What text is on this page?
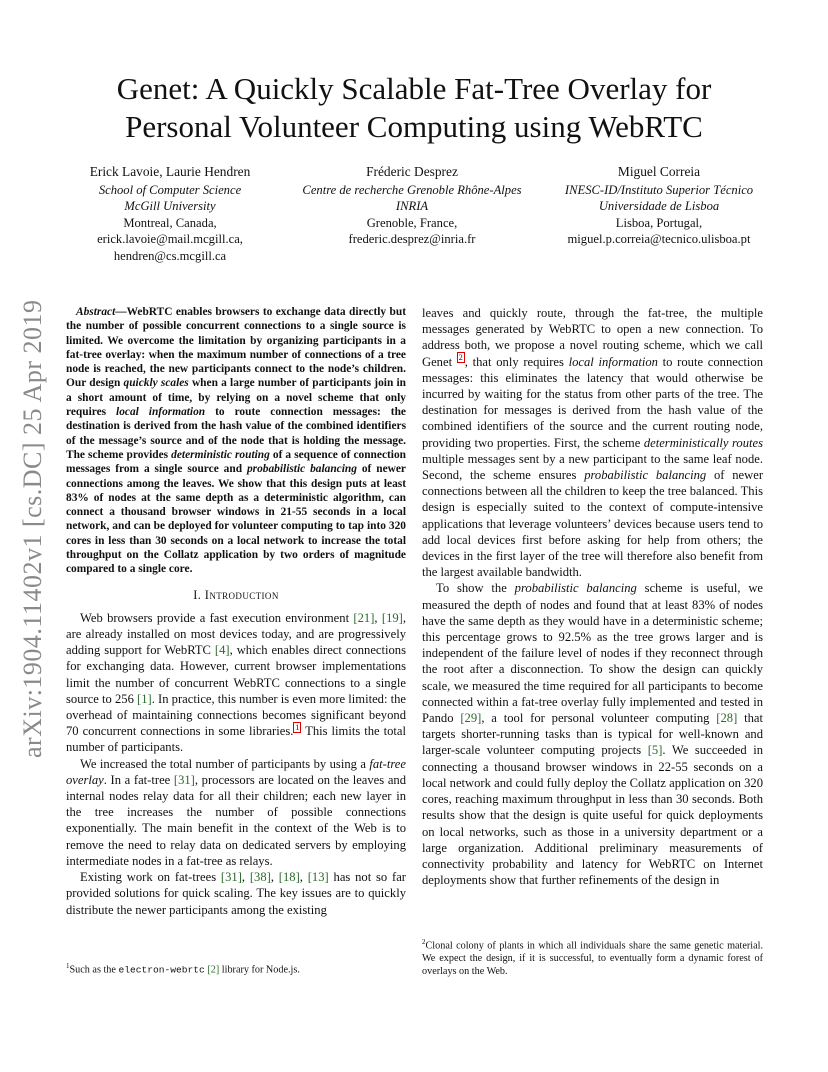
arXiv:1904.11402v1 [cs.DC] 25 Apr 2019
Genet: A Quickly Scalable Fat-Tree Overlay for
Personal Volunteer Computing using WebRTC
Erick Lavoie, Laurie Hendren
School of Computer Science
McGill University
Montreal, Canada,
erick.lavoie@mail.mcgill.ca,
hendren@cs.mcgill.ca
Fréderic Desprez
Centre de recherche Grenoble Rhône-Alpes
INRIA
Grenoble, France,
frederic.desprez@inria.fr
Miguel Correia
INESC-ID/Instituto Superior Técnico
Universidade de Lisboa
Lisboa, Portugal,
miguel.p.correia@tecnico.ulisboa.pt

Abstract—WebRTC enables browsers to exchange data directly but the number of possible concurrent connections to a single source is limited. We overcome the limitation by organizing participants in a fat-tree overlay: when the maximum number of connections of a tree node is reached, the new participants connect to the node’s children. Our design quickly scales when a large number of participants join in a short amount of time, by relying on a novel scheme that only requires local information to route connection messages: the destination is derived from the hash value of the combined identifiers of the message’s source and of the node that is holding the message. The scheme provides deterministic routing of a sequence of connection messages from a single source and probabilistic balancing of newer connections among the leaves. We show that this design puts at least 83% of nodes at the same depth as a deterministic algorithm, can connect a thousand browser windows in 21-55 seconds in a local network, and can be deployed for volunteer computing to tap into 320 cores in less than 30 seconds on a local network to increase the total throughput on the Collatz application by two orders of magnitude compared to a single core.

I. Introduction

Web browsers provide a fast execution environment [21], [19], are already installed on most devices today, and are progressively adding support for WebRTC [4], which enables direct connections for exchanging data. However, current browser implementations limit the number of concurrent WebRTC connections to a single source to 256 [1]. In practice, this number is even more limited: the overhead of maintaining connections becomes significant beyond 70 concurrent connections in some libraries. $^1$ This limits the total number of participants.

We increased the total number of participants by using a fat-tree overlay. In a fat-tree [31], processors are located on the leaves and internal nodes relay data for all their children; each new layer in the tree increases the number of possible connections exponentially. The main benefit in the context of the Web is to remove the need to relay data on dedicated servers by employing intermediate nodes in a fat-tree as relays.

Existing work on fat-trees [31], [38], [18], [13] has not so far provided solutions for quick scaling. The key issues are to quickly distribute the newer participants among the existing

leaves and quickly route, through the fat-tree, the multiple messages generated by WebRTC to open a new connection. To address both, we propose a novel routing scheme, which we call Genet $^2$ , that only requires local information to route connection messages: this eliminates the latency that would otherwise be incurred by waiting for the status from other parts of the tree. The destination for messages is derived from the hash value of the combined identifiers of the source and the current routing node, providing two properties. First, the scheme deterministically routes multiple messages sent by a new participant to the same leaf node. Second, the scheme ensures probabilistic balancing of newer connections between all the children to keep the tree balanced. This design is especially suited to the context of compute-intensive applications that leverage volunteers’ devices because users tend to add local devices first before asking for help from others; the devices in the first layer of the tree will therefore also benefit from the largest available bandwidth.

To show the probabilistic balancing scheme is useful, we measured the depth of nodes and found that at least 83% of nodes have the same depth as they would have in a deterministic scheme; this percentage grows to 92.5% as the tree grows larger and is independent of the failure level of nodes if they reconnect through the root after a disconnection. To show the design can quickly scale, we measured the time required for all participants to become connected within a fat-tree overlay fully implemented and tested in Pando [29], a tool for personal volunteer computing [28] that targets shorter-running tasks than is typical for well-known and larger-scale volunteer computing projects [5]. We succeeded in connecting a thousand browser windows in 22-55 seconds on a local network and could fully deploy the Collatz application on 320 cores, reaching maximum throughput in less than 30 seconds. Both results show that the design is quite useful for quick deployments on local networks, such as those in a university department or a large organization. Additional preliminary measurements of connectivity probability and latency for WebRTC on Internet deployments show that further refinements of the design in

$^2$Clonal colony of plants in which all individuals share the same genetic material. We expect the design, if it is successful, to eventually form a dynamic forest of overlays on the Web.
$^1$Such as the electron-webrtc [2] library for Node.js.
